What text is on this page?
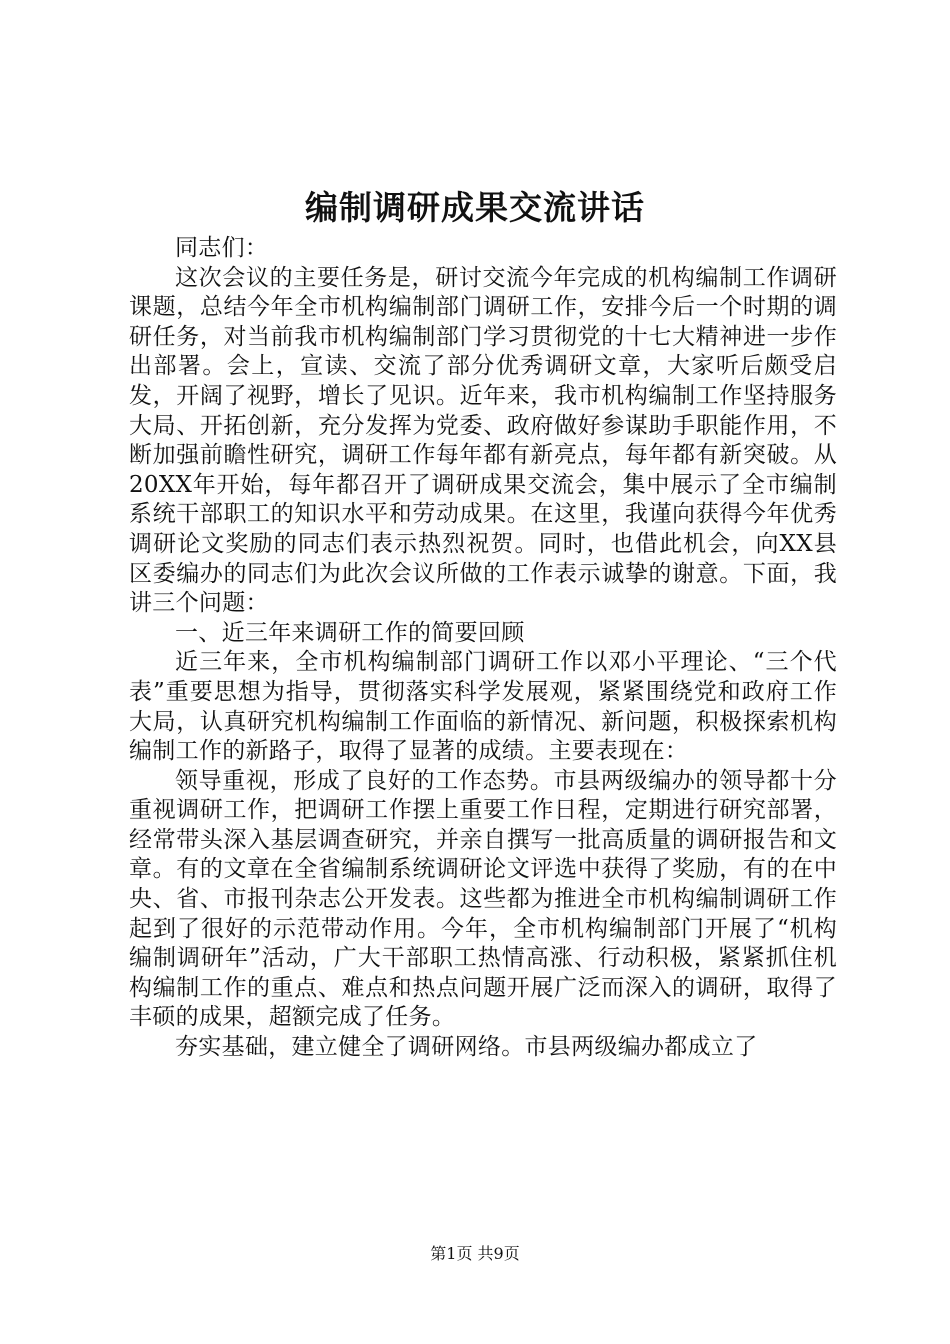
编制调研成果交流讲话

同志们：

这次会议的主要任务是，研讨交流今年完成的机构编制工作调研课题，总结今年全市机构编制部门调研工作，安排今后一个时期的调研任务，对当前我市机构编制部门学习贯彻党的十七大精神进一步作出部署。会上，宣读、交流了部分优秀调研文章，大家听后颇受启发，开阔了视野，增长了见识。近年来，我市机构编制工作坚持服务大局、开拓创新，充分发挥为党委、政府做好参谋助手职能作用，不断加强前瞻性研究，调研工作每年都有新亮点，每年都有新突破。从20XX年开始，每年都召开了调研成果交流会，集中展示了全市编制系统干部职工的知识水平和劳动成果。在这里，我谨向获得今年优秀调研论文奖励的同志们表示热烈祝贺。同时，也借此机会，向XX县区委编办的同志们为此次会议所做的工作表示诚挚的谢意。下面，我讲三个问题：

一、近三年来调研工作的简要回顾

近三年来，全市机构编制部门调研工作以邓小平理论、“三个代表”重要思想为指导，贯彻落实科学发展观，紧紧围绕党和政府工作大局，认真研究机构编制工作面临的新情况、新问题，积极探索机构编制工作的新路子，取得了显著的成绩。主要表现在：

领导重视，形成了良好的工作态势。市县两级编办的领导都十分重视调研工作，把调研工作摆上重要工作日程，定期进行研究部署，经常带头深入基层调查研究，并亲自撰写一批高质量的调研报告和文章。有的文章在全省编制系统调研论文评选中获得了奖励，有的在中央、省、市报刊杂志公开发表。这些都为推进全市机构编制调研工作起到了很好的示范带动作用。今年，全市机构编制部门开展了“机构编制调研年”活动，广大干部职工热情高涨、行动积极，紧紧抓住机构编制工作的重点、难点和热点问题开展广泛而深入的调研，取得了丰硕的成果，超额完成了任务。

夯实基础，建立健全了调研网络。市县两级编办都成立了

第1页 共9页
